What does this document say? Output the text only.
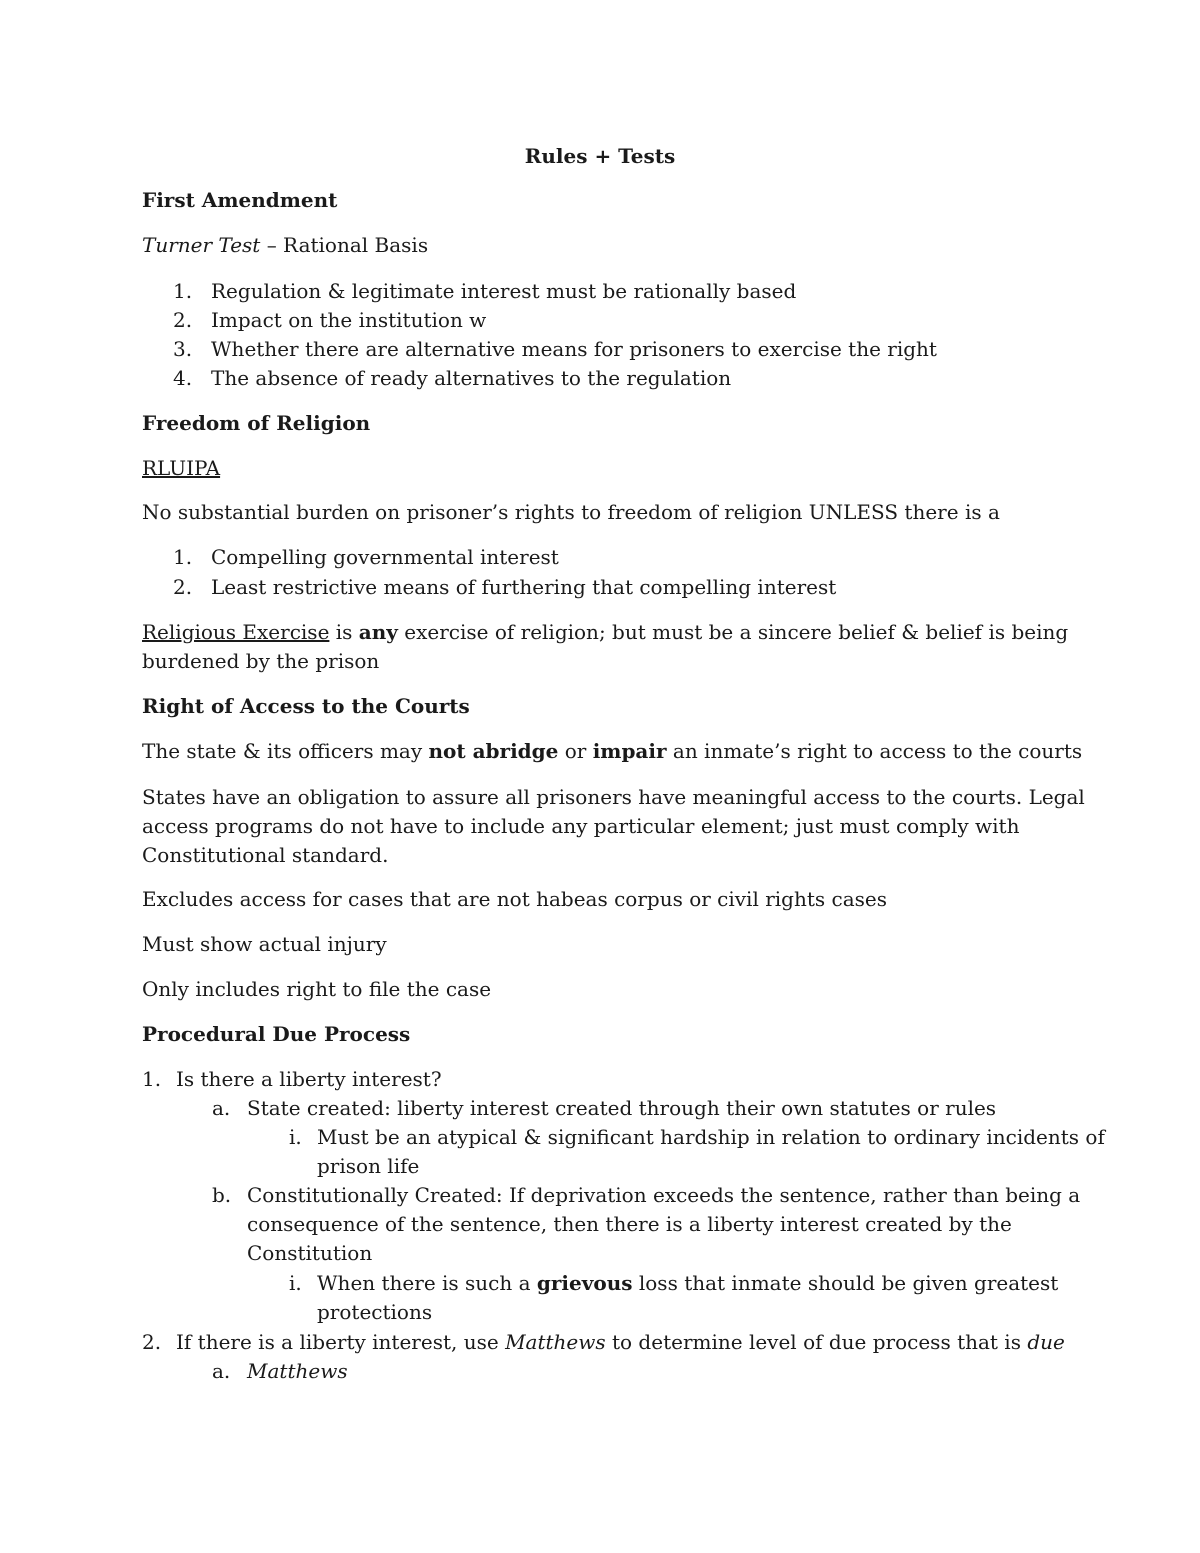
Rules + Tests
First Amendment
Turner Test – Rational Basis
1. Regulation & legitimate interest must be rationally based
2. Impact on the institution w
3. Whether there are alternative means for prisoners to exercise the right
4. The absence of ready alternatives to the regulation
Freedom of Religion
RLUIPA
No substantial burden on prisoner’s rights to freedom of religion UNLESS there is a
1. Compelling governmental interest
2. Least restrictive means of furthering that compelling interest
Religious Exercise is any exercise of religion; but must be a sincere belief & belief is being
burdened by the prison
Right of Access to the Courts
The state & its officers may not abridge or impair an inmate’s right to access to the courts
States have an obligation to assure all prisoners have meaningful access to the courts. Legal
access programs do not have to include any particular element; just must comply with
Constitutional standard.
Excludes access for cases that are not habeas corpus or civil rights cases
Must show actual injury
Only includes right to file the case
Procedural Due Process
1. Is there a liberty interest?
a. State created: liberty interest created through their own statutes or rules
i. Must be an atypical & significant hardship in relation to ordinary incidents of
prison life
b. Constitutionally Created: If deprivation exceeds the sentence, rather than being a
consequence of the sentence, then there is a liberty interest created by the
Constitution
i. When there is such a grievous loss that inmate should be given greatest
protections
2. If there is a liberty interest, use Matthews to determine level of due process that is due
a. Matthews
